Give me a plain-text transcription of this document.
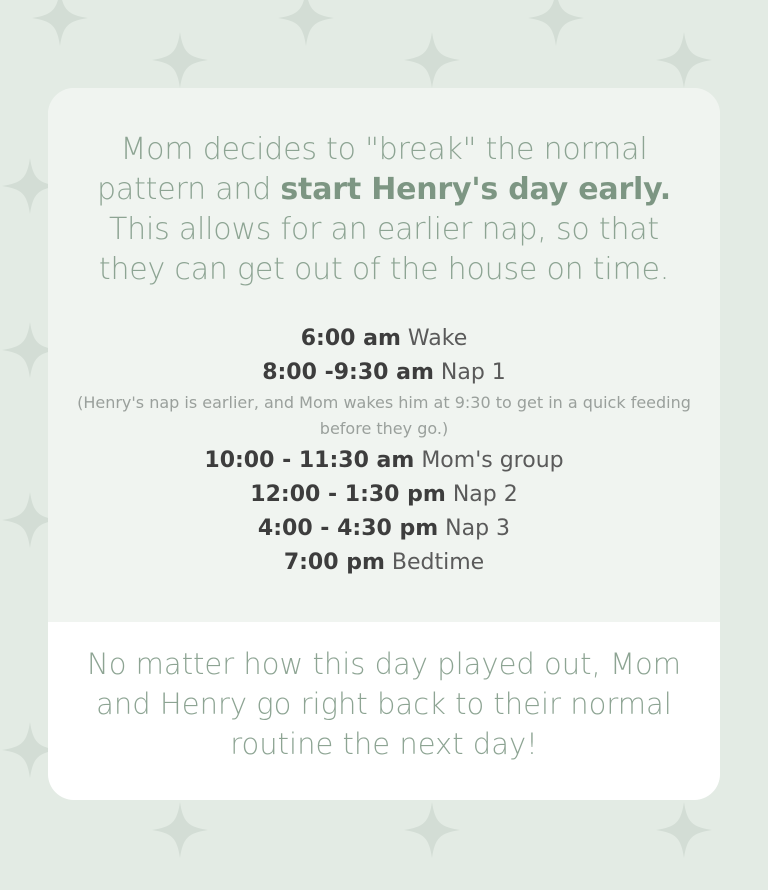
Mom decides to "break" the normal pattern and start Henry's day early. This allows for an earlier nap, so that they can get out of the house on time.

6:00 am Wake

8:00 -9:30 am Nap 1

(Henry's nap is earlier, and Mom wakes him at 9:30 to get in a quick feeding before they go.)

10:00 - 11:30 am Mom's group

12:00 - 1:30 pm Nap 2

4:00 - 4:30 pm Nap 3

7:00 pm Bedtime

No matter how this day played out, Mom and Henry go right back to their normal routine the next day!
